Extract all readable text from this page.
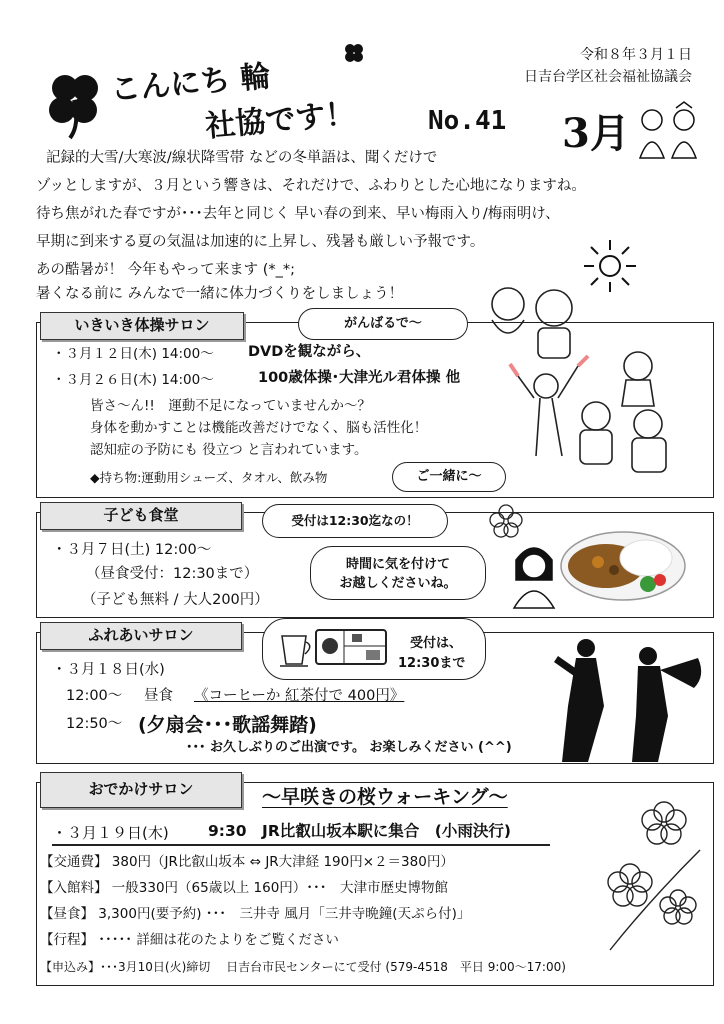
こんにち 輪
社協です！	No.41
令和８年３月１日
日吉台学区社会福祉協議会
3月
記録的大雪/大寒波/線状降雪帯 などの冬単語は、聞くだけで
ゾッとしますが、３月という響きは、それだけで、ふわりとした心地になりますね。
待ち焦がれた春ですが･･･去年と同じく 早い春の到来、早い梅雨入り/梅雨明け、
早期に到来する夏の気温は加速的に上昇し、残暑も厳しい予報です。
あの酷暑が！ 今年もやって来ます (*_*;
暑くなる前に みんなで一緒に体力づくりをしましょう！
いきいき体操サロン	がんばるで～
・３月１２日(木) 14:00～ DVDを観ながら、
・３月２６日(木) 14:00～	100歳体操･大津光ル君体操 他
皆さ～ん!!　運動不足になっていませんか～？
身体を動かすことは機能改善だけでなく、脳も活性化！
認知症の予防にも 役立つ と言われています。
◆持ち物:運動用シューズ、タオル、飲み物	ご一緒に～
子ども食堂	受付は12:30迄なの！
時間に気を付けて
お越しくださいね。
・３月７日(土) 12:00～
（昼食受付：12:30まで）
（子ども無料 / 大人200円）
ふれあいサロン	受付は、
12:30まで
・３月１８日(水)
12:00～ 昼食 《コーヒーか 紅茶付で 400円》
12:50～ (夕扇会･･･歌謡舞踏)
･･･ お久しぶりのご出演です。 お楽しみください (^^)
おでかけサロン	～早咲きの桜ウォーキング～
・３月１９日(木)	9:30　JR比叡山坂本駅に集合　(小雨決行)
【交通費】 380円（JR比叡山坂本 ⇔ JR大津経 190円×２＝380円）
【入館料】 一般330円（65歳以上 160円）･･･　大津市歴史博物館
【昼食】 3,300円(要予約) ･･･　三井寺 風月「三井寺晩鐘(天ぷら付)」
【行程】 ･････ 詳細は花のたよりをご覧ください
【申込み】･･･3月10日(火)締切　 日吉台市民センターにて受付 (579-4518　平日 9:00～17:00)
